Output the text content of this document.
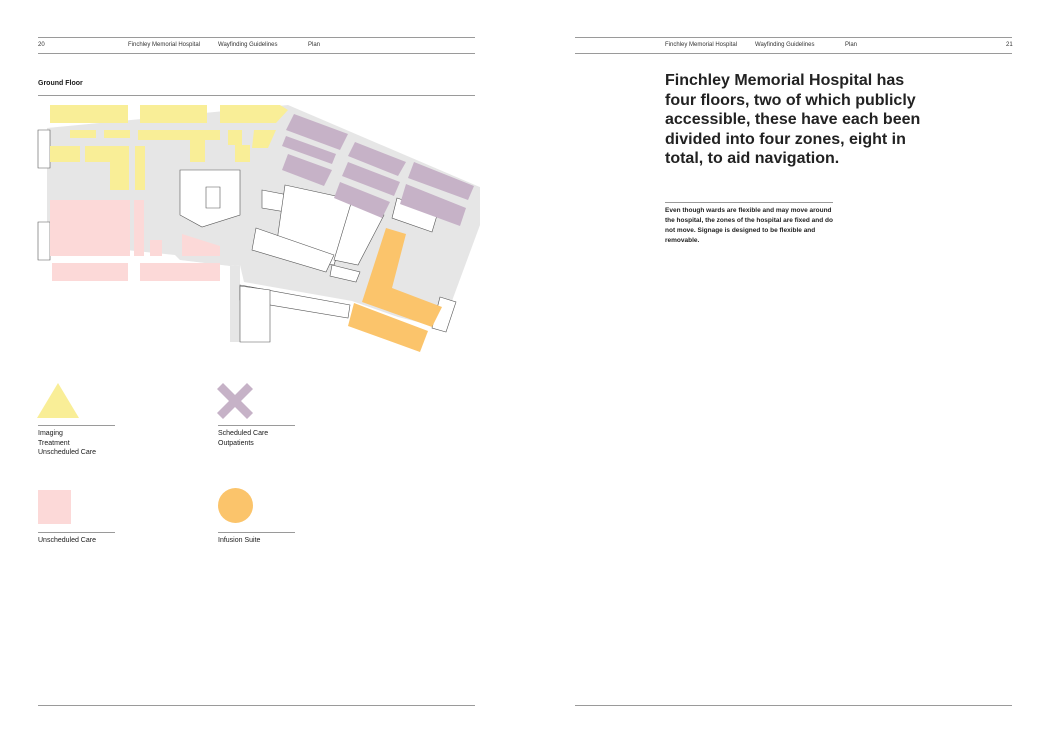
20	Finchley Memorial Hospital	Wayfinding Guidelines	Plan
Ground Floor
Imaging
Treatment
Unscheduled Care
Scheduled Care
Outpatients
Unscheduled Care	Infusion Suite
Finchley Memorial Hospital	Wayfinding Guidelines	Plan	21
Finchley Memorial Hospital has four floors, two of which publicly accessible, these have each been divided into four zones, eight in total, to aid navigation.
Even though wards are flexible and may move around the hospital, the zones of the hospital are fixed and do not move. Signage is designed to be flexible and removable.
